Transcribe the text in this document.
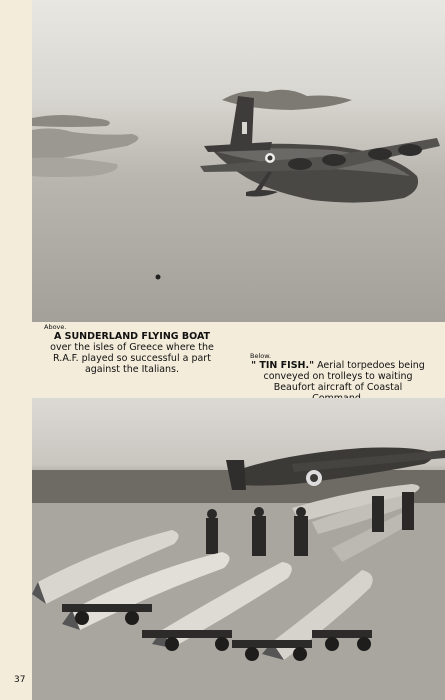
Above.
A SUNDERLAND FLYING BOAT over the isles of Greece where the R.A.F. played so successful a part against the Italians.
Below.
" TIN FISH." Aerial torpedoes being conveyed on trolleys to waiting Beaufort aircraft of Coastal
37
